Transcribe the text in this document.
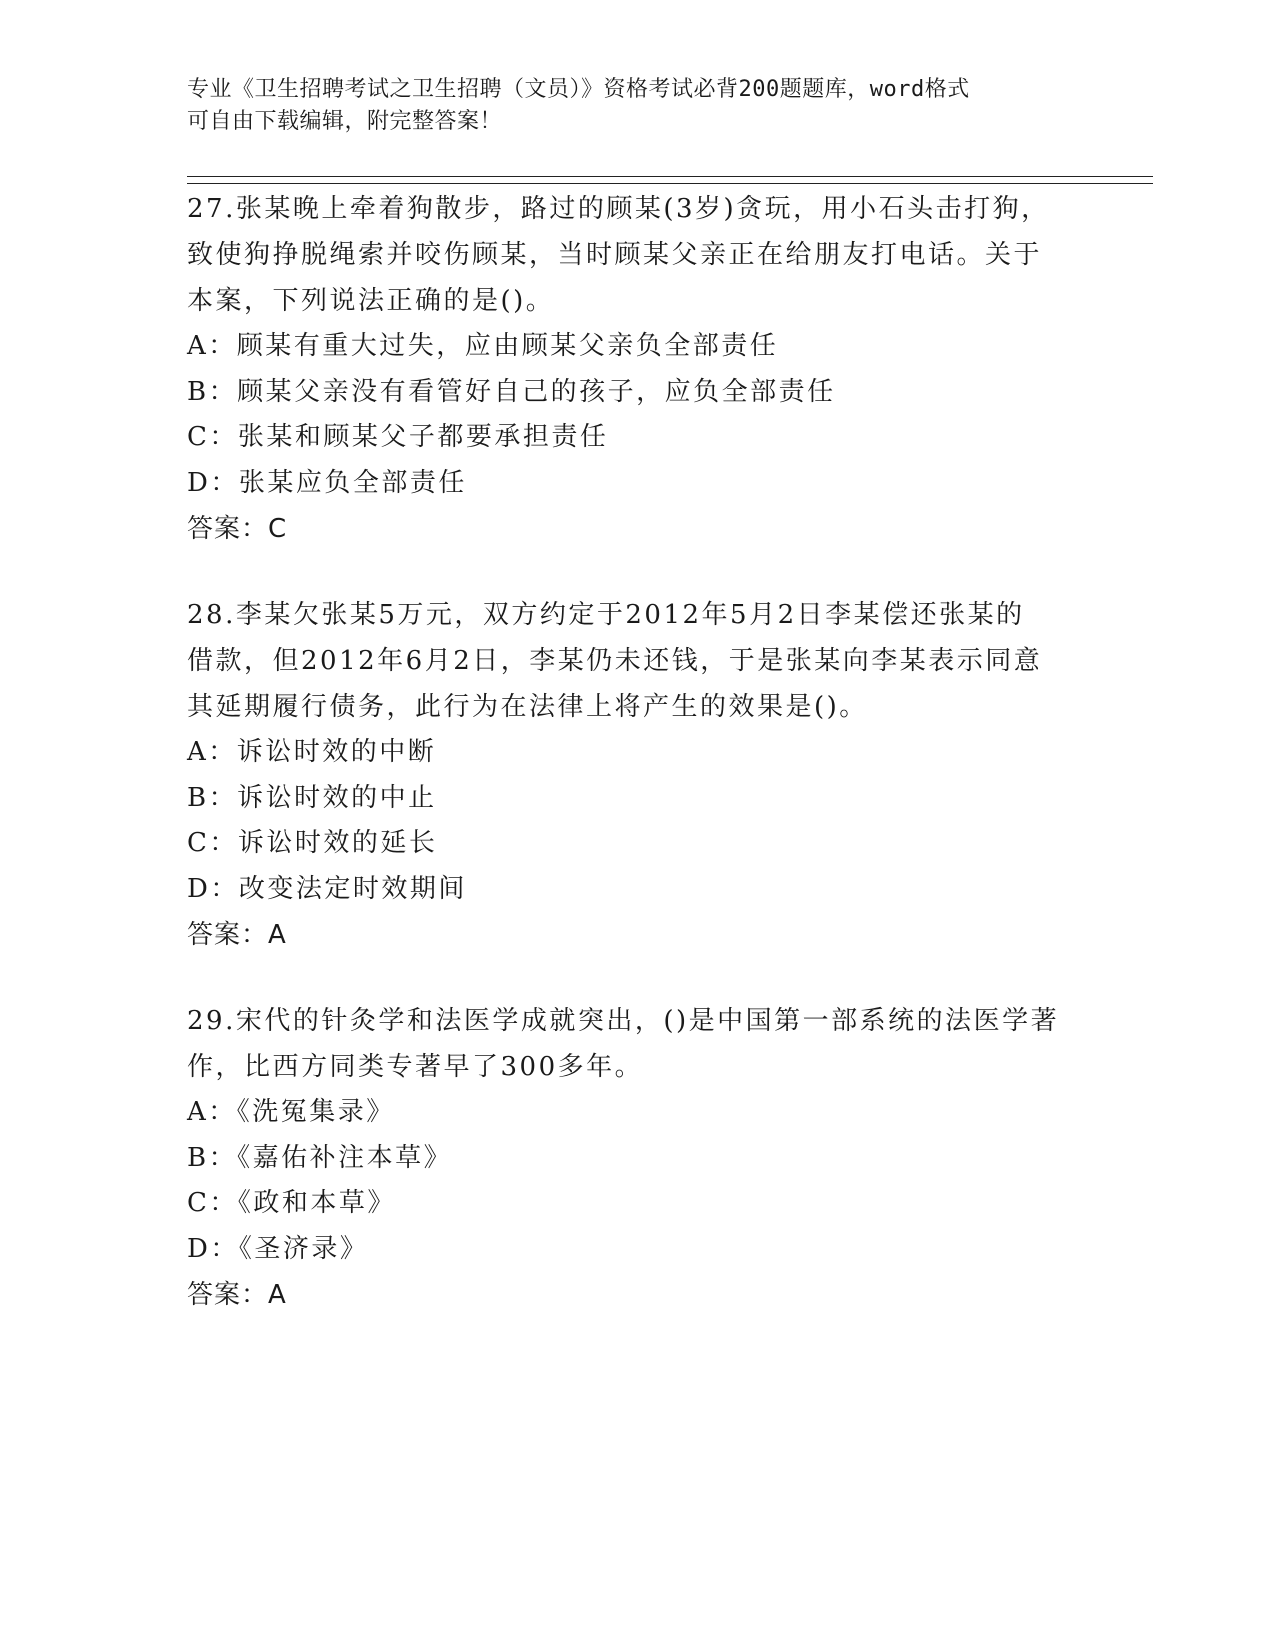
专业《卫生招聘考试之卫生招聘（文员）》资格考试必背200题题库，word格式
可自由下载编辑，附完整答案！
27.张某晚上牵着狗散步，路过的顾某(3岁)贪玩，用小石头击打狗，
致使狗挣脱绳索并咬伤顾某，当时顾某父亲正在给朋友打电话。关于
本案，下列说法正确的是()。
A：顾某有重大过失，应由顾某父亲负全部责任
B：顾某父亲没有看管好自己的孩子，应负全部责任
C：张某和顾某父子都要承担责任
D：张某应负全部责任
答案：C
28.李某欠张某5万元，双方约定于2012年5月2日李某偿还张某的
借款，但2012年6月2日，李某仍未还钱，于是张某向李某表示同意
其延期履行债务，此行为在法律上将产生的效果是()。
A：诉讼时效的中断
B：诉讼时效的中止
C：诉讼时效的延长
D：改变法定时效期间
答案：A
29.宋代的针灸学和法医学成就突出，()是中国第一部系统的法医学著
作，比西方同类专著早了300多年。
A：《洗冤集录》
B：《嘉佑补注本草》
C：《政和本草》
D：《圣济录》
答案：A
